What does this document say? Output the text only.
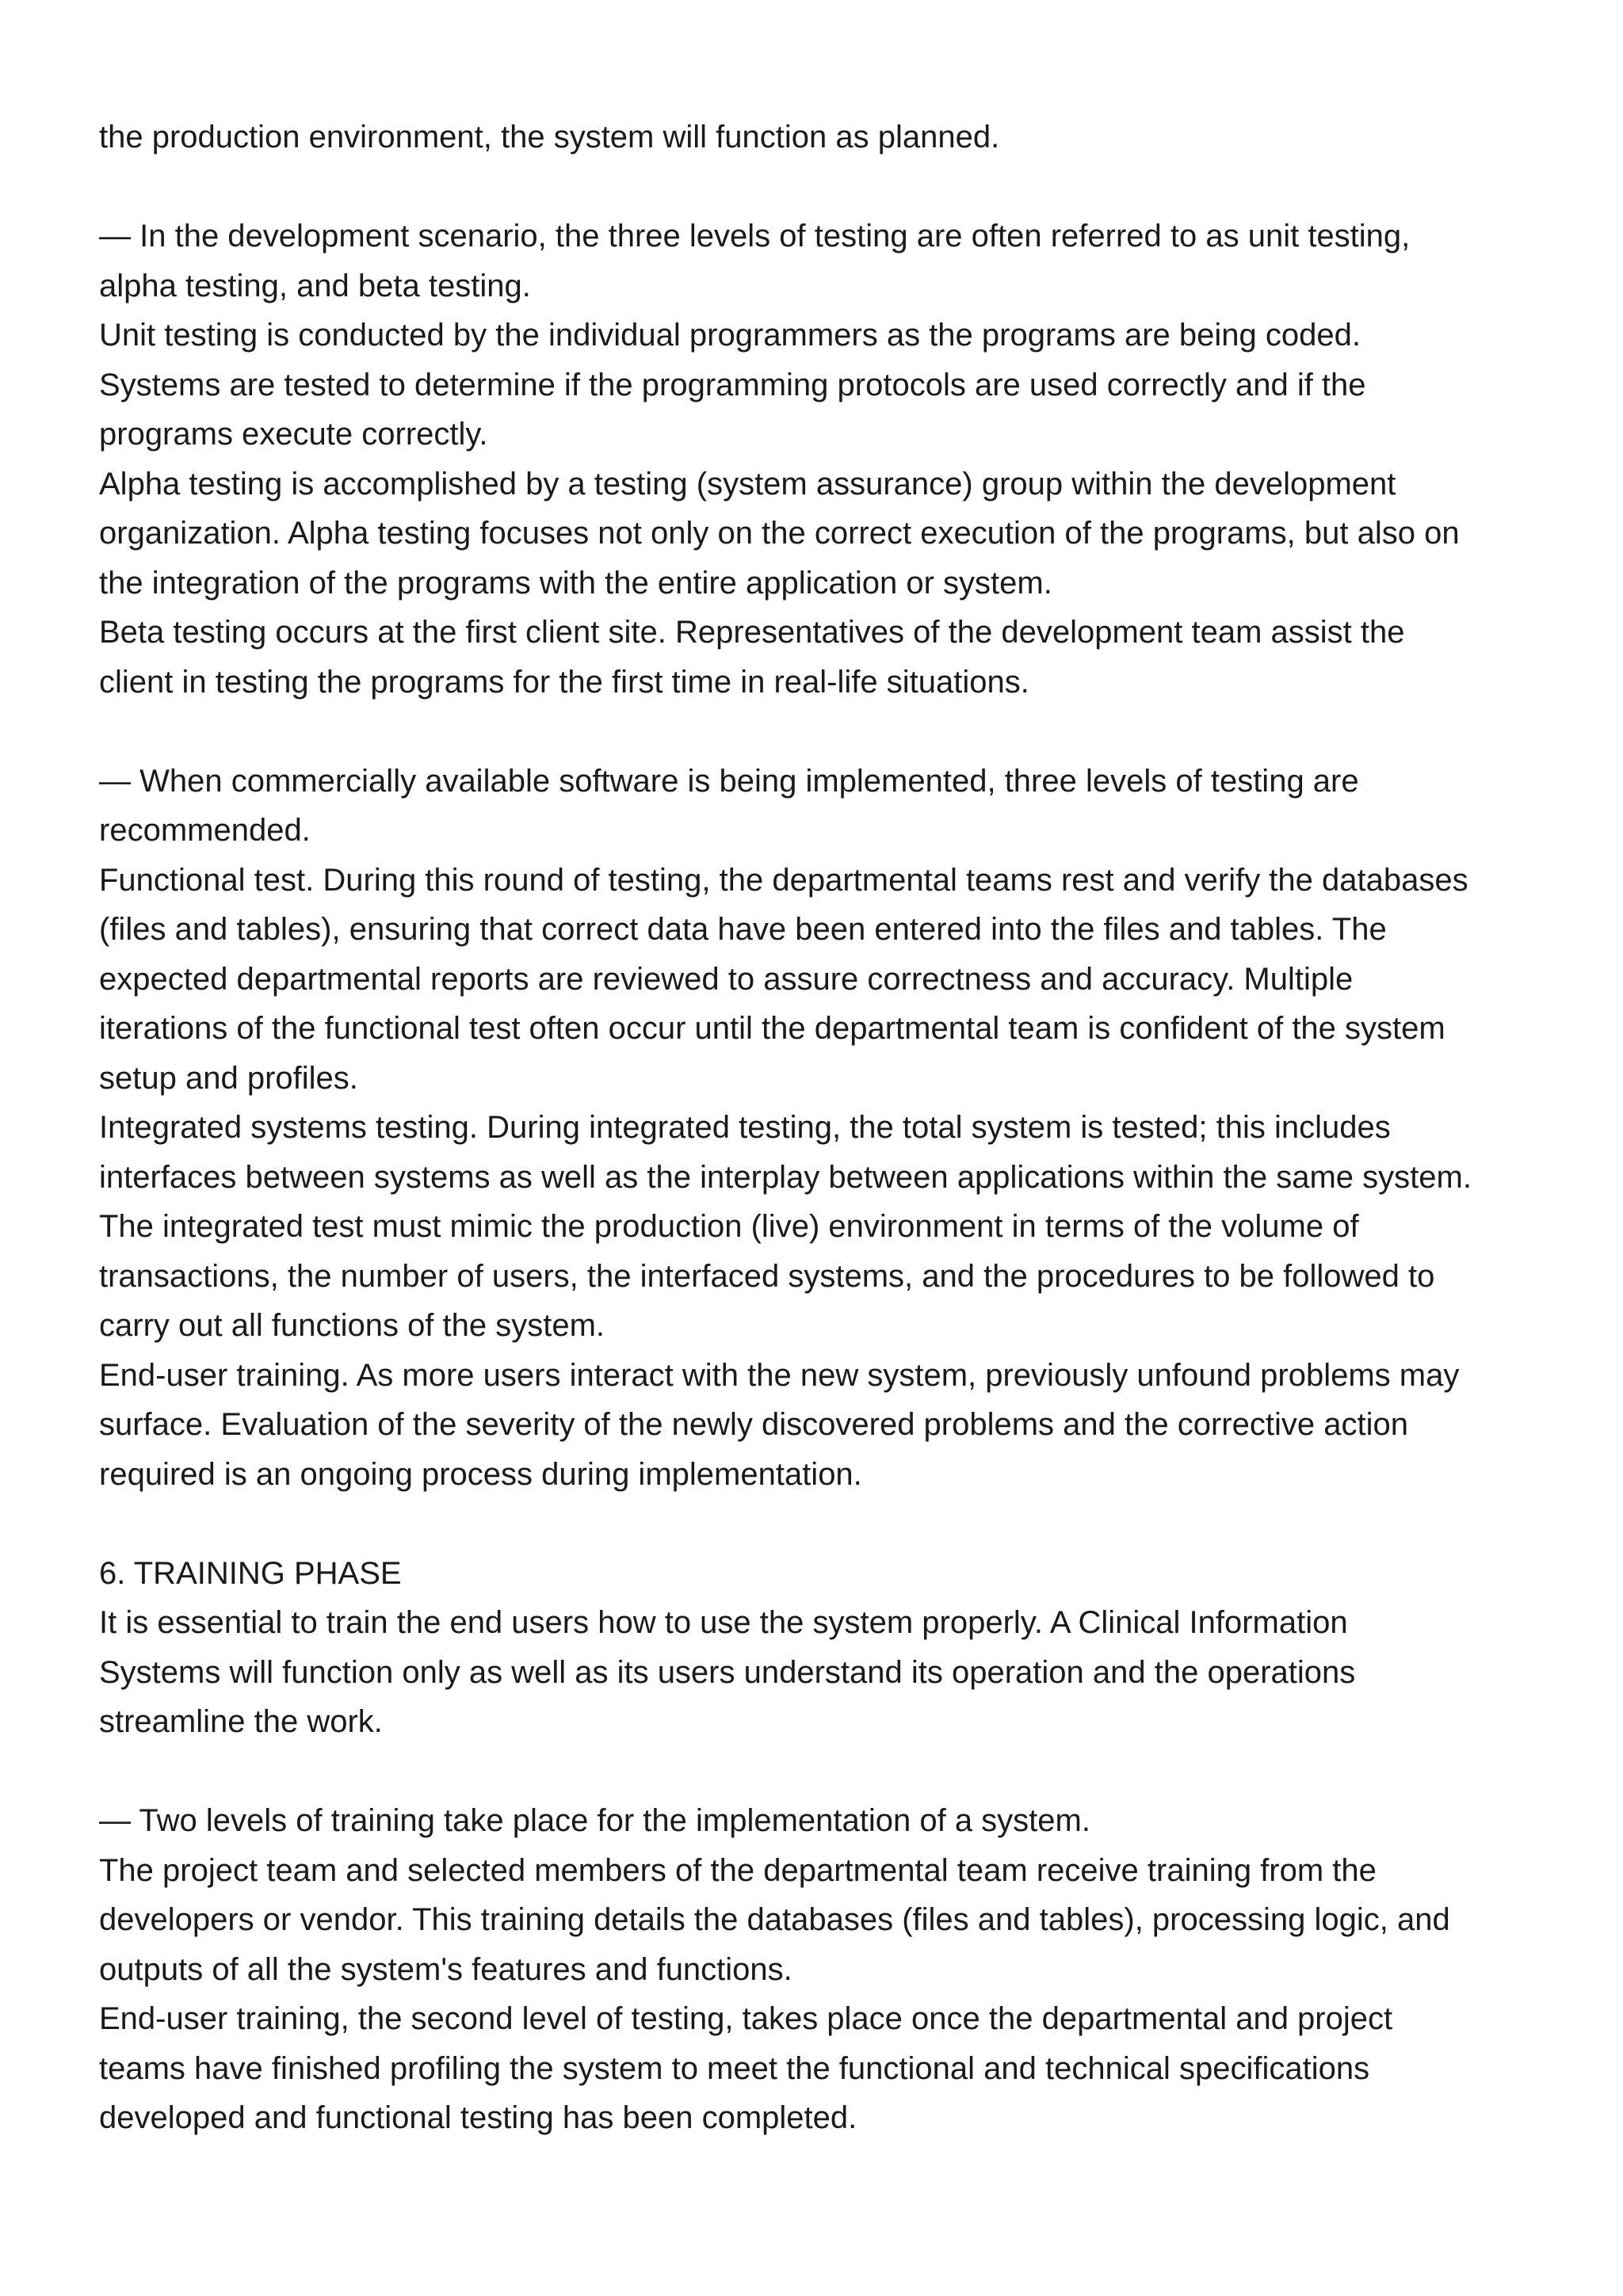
the production environment, the system will function as planned.

— In the development scenario, the three levels of testing are often referred to as unit testing,

alpha testing, and beta testing.

Unit testing is conducted by the individual programmers as the programs are being coded.

Systems are tested to determine if the programming protocols are used correctly and if the

programs execute correctly.

Alpha testing is accomplished by a testing (system assurance) group within the development

organization. Alpha testing focuses not only on the correct execution of the programs, but also on

the integration of the programs with the entire application or system.

Beta testing occurs at the first client site. Representatives of the development team assist the

client in testing the programs for the first time in real-life situations.

— When commercially available software is being implemented, three levels of testing are

recommended.

Functional test. During this round of testing, the departmental teams rest and verify the databases

(files and tables), ensuring that correct data have been entered into the files and tables. The

expected departmental reports are reviewed to assure correctness and accuracy. Multiple

iterations of the functional test often occur until the departmental team is confident of the system

setup and profiles.

Integrated systems testing. During integrated testing, the total system is tested; this includes

interfaces between systems as well as the interplay between applications within the same system.

The integrated test must mimic the production (live) environment in terms of the volume of

transactions, the number of users, the interfaced systems, and the procedures to be followed to

carry out all functions of the system.

End-user training. As more users interact with the new system, previously unfound problems may

surface. Evaluation of the severity of the newly discovered problems and the corrective action

required is an ongoing process during implementation.

6. TRAINING PHASE

It is essential to train the end users how to use the system properly. A Clinical Information

Systems will function only as well as its users understand its operation and the operations

streamline the work.

— Two levels of training take place for the implementation of a system.

The project team and selected members of the departmental team receive training from the

developers or vendor. This training details the databases (files and tables), processing logic, and

outputs of all the system's features and functions.

End-user training, the second level of testing, takes place once the departmental and project

teams have finished profiling the system to meet the functional and technical specifications

developed and functional testing has been completed.
